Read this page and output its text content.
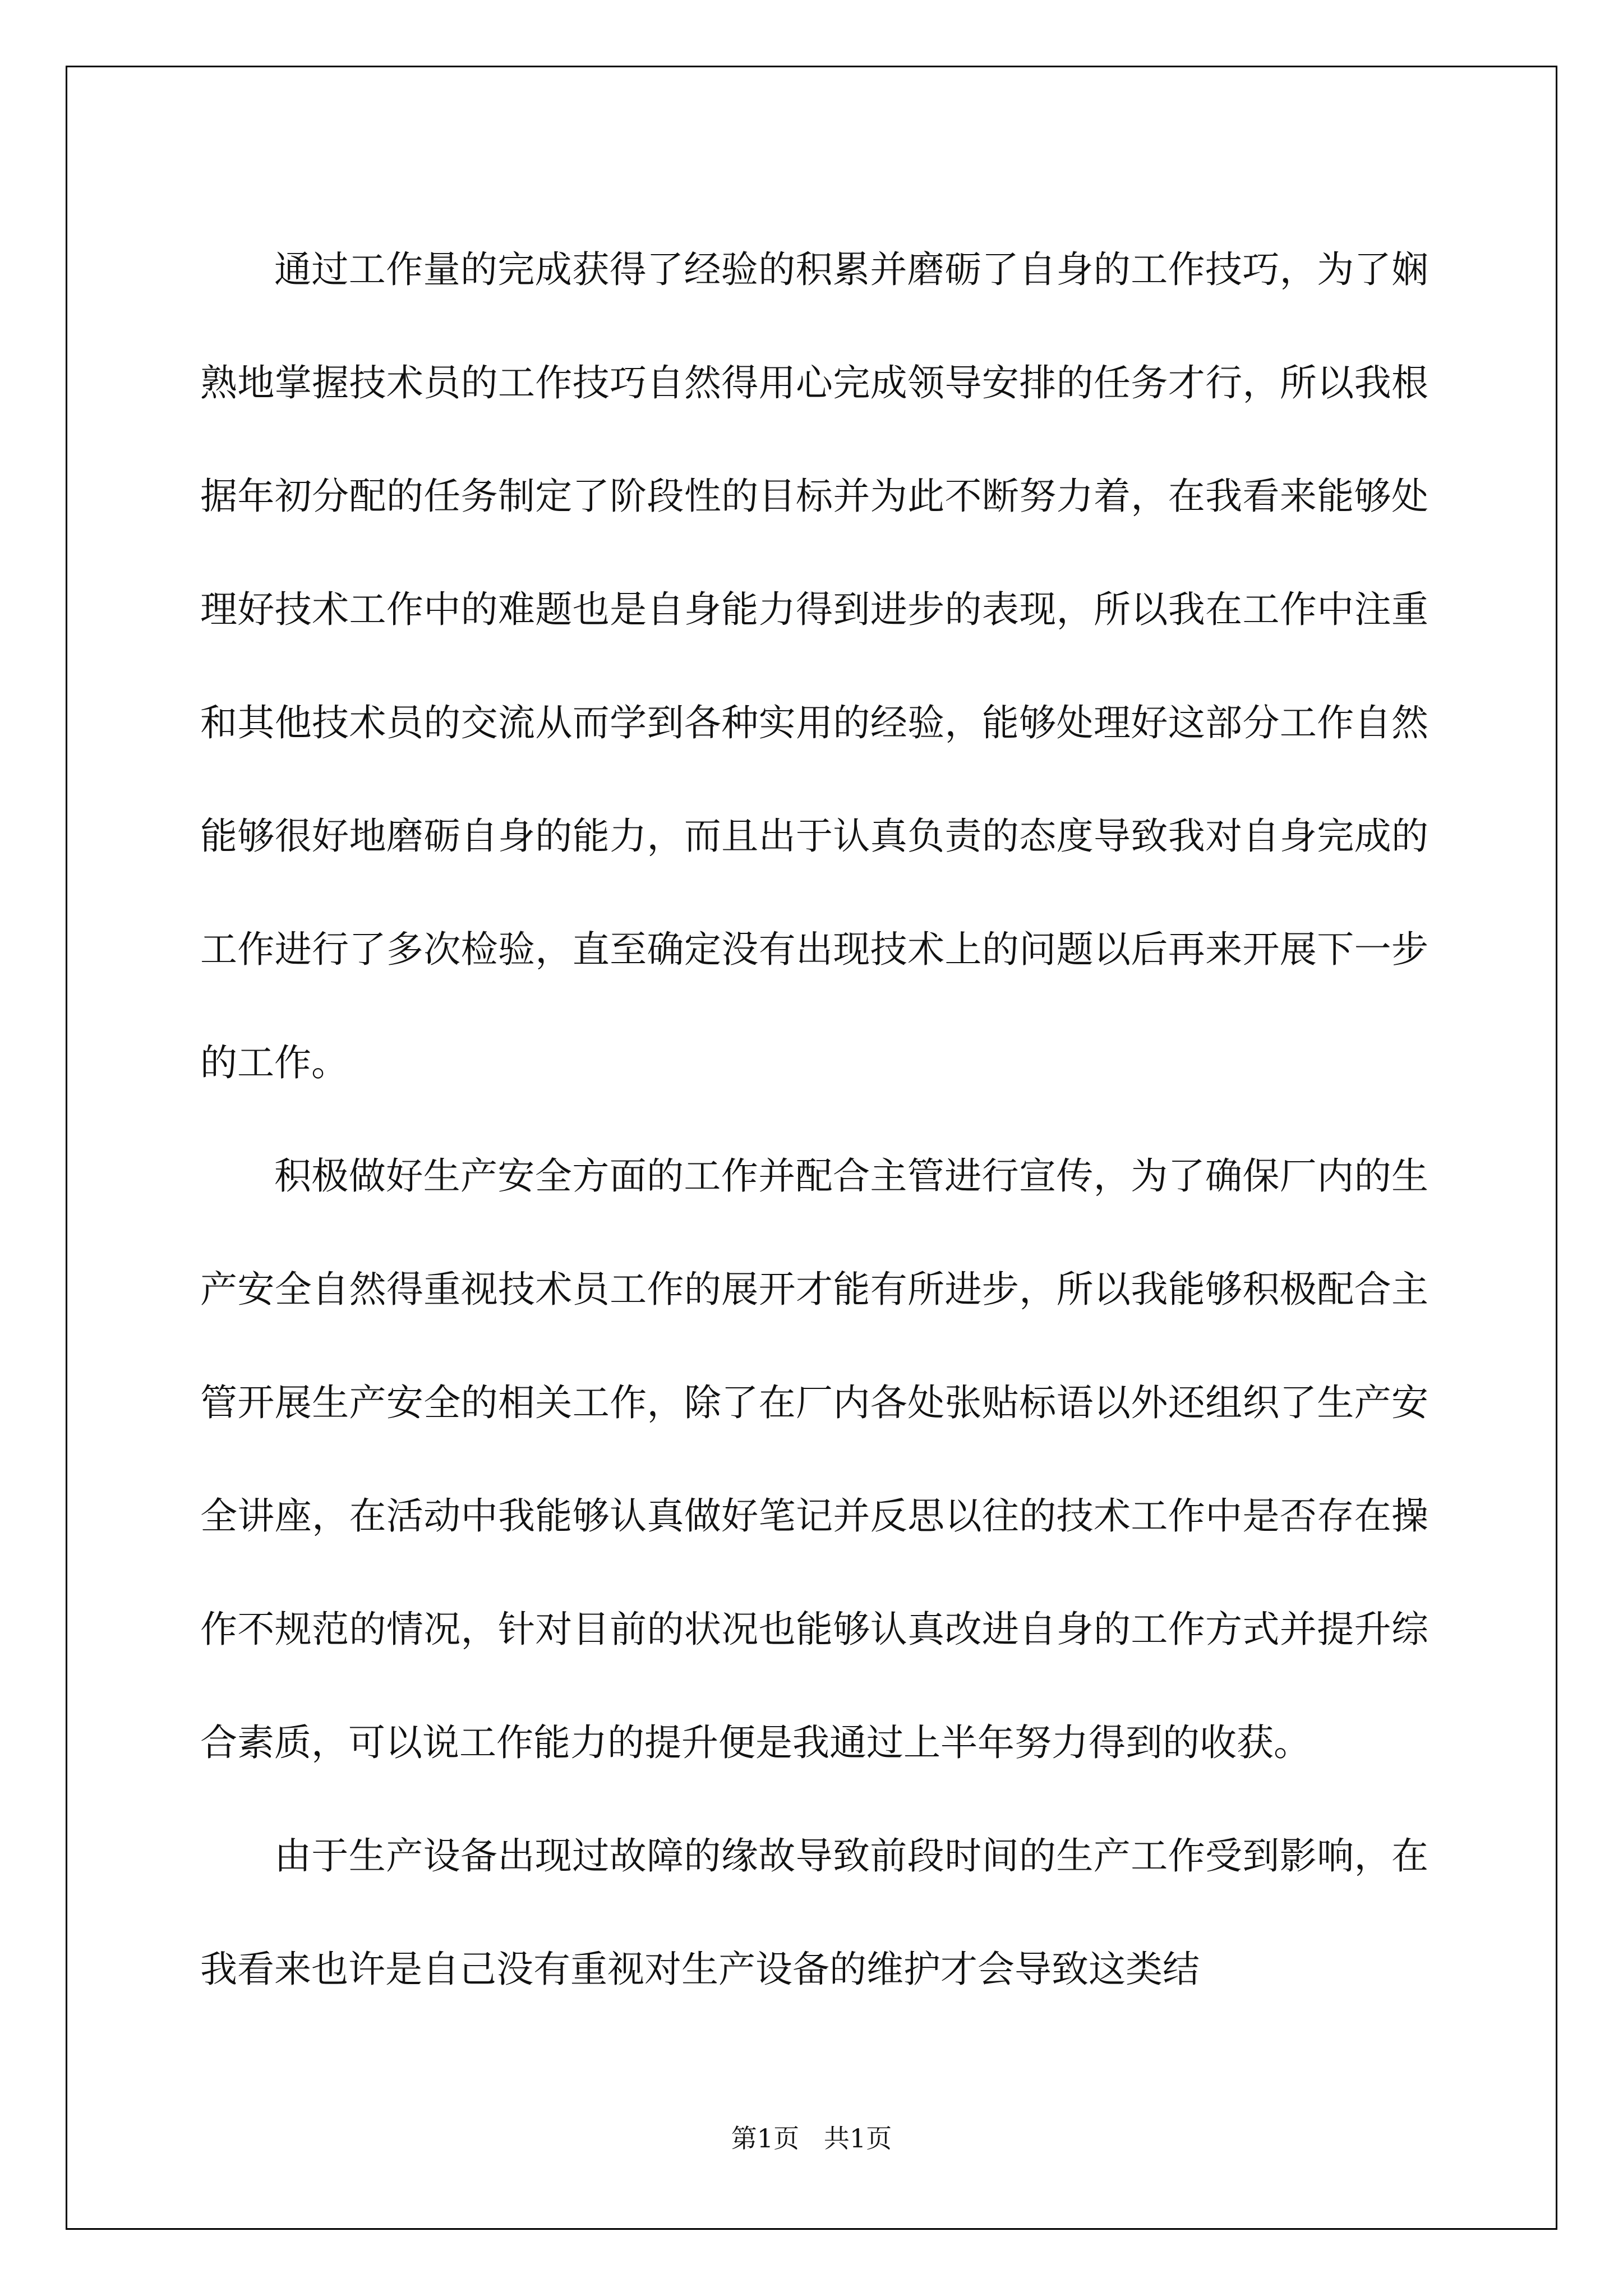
通过工作量的完成获得了经验的积累并磨砺了自身的工作技巧，为了娴熟地掌握技术员的工作技巧自然得用心完成领导安排的任务才行，所以我根据年初分配的任务制定了阶段性的目标并为此不断努力着，在我看来能够处理好技术工作中的难题也是自身能力得到进步的表现，所以我在工作中注重和其他技术员的交流从而学到各种实用的经验，能够处理好这部分工作自然能够很好地磨砺自身的能力，而且出于认真负责的态度导致我对自身完成的工作进行了多次检验，直至确定没有出现技术上的问题以后再来开展下一步的工作。

积极做好生产安全方面的工作并配合主管进行宣传，为了确保厂内的生产安全自然得重视技术员工作的展开才能有所进步，所以我能够积极配合主管开展生产安全的相关工作，除了在厂内各处张贴标语以外还组织了生产安全讲座，在活动中我能够认真做好笔记并反思以往的技术工作中是否存在操作不规范的情况，针对目前的状况也能够认真改进自身的工作方式并提升综合素质，可以说工作能力的提升便是我通过上半年努力得到的收获。

由于生产设备出现过故障的缘故导致前段时间的生产工作受到影响，在我看来也许是自己没有重视对生产设备的维护才会导致这类结

第1页   共1页
